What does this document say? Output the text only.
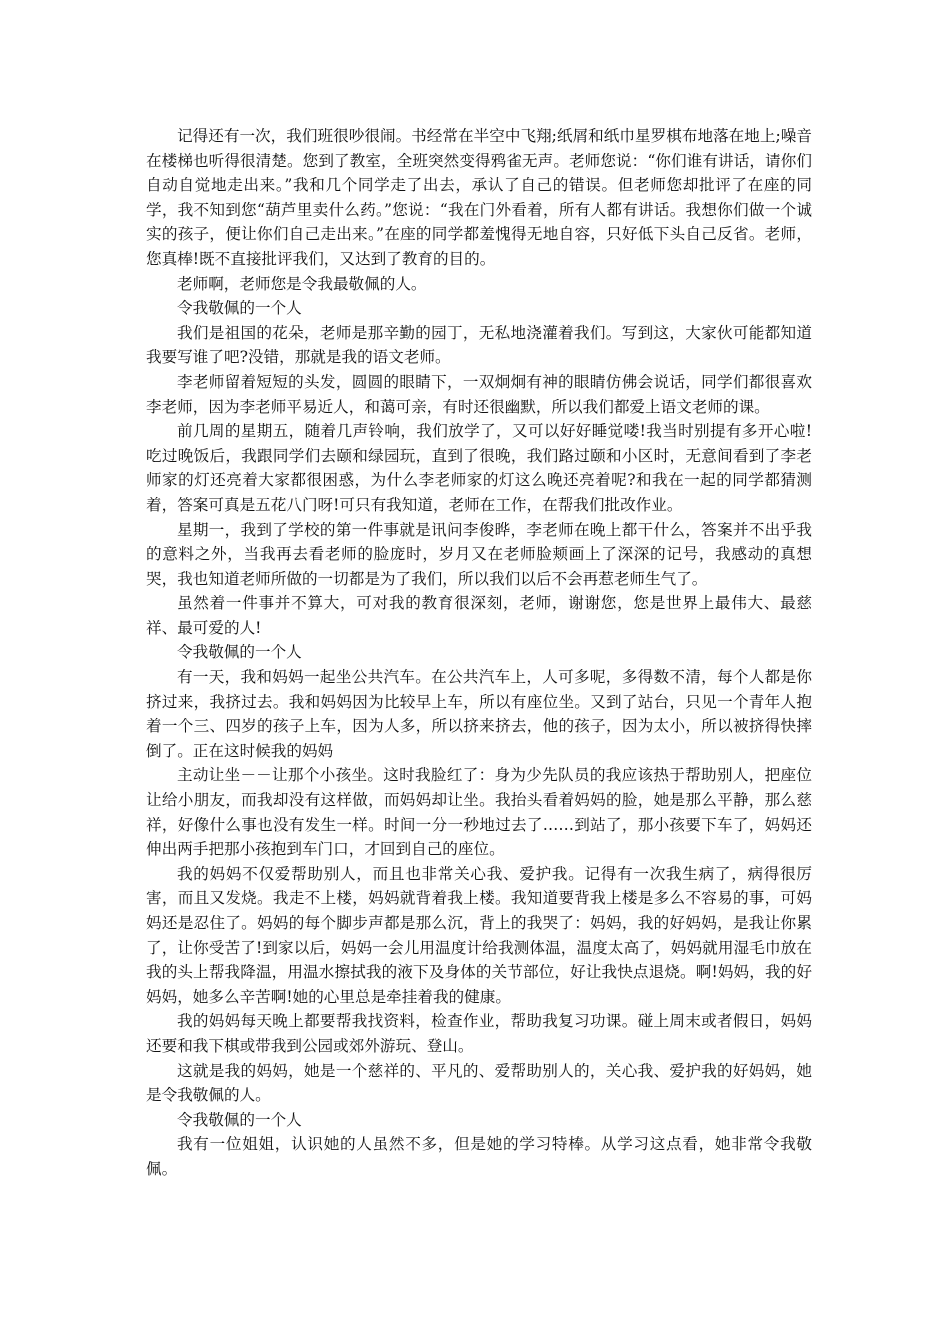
记得还有一次，我们班很吵很闹。书经常在半空中飞翔;纸屑和纸巾星罗棋布地落在地上;噪音在楼梯也听得很清楚。您到了教室，全班突然变得鸦雀无声。老师您说：“你们谁有讲话，请你们自动自觉地走出来。”我和几个同学走了出去，承认了自己的错误。但老师您却批评了在座的同学，我不知到您“葫芦里卖什么药。”您说：“我在门外看着，所有人都有讲话。我想你们做一个诚实的孩子，便让你们自己走出来。”在座的同学都羞愧得无地自容，只好低下头自己反省。老师，您真棒!既不直接批评我们，又达到了教育的目的。

老师啊，老师您是令我最敬佩的人。

令我敬佩的一个人

我们是祖国的花朵，老师是那辛勤的园丁，无私地浇灌着我们。写到这，大家伙可能都知道我要写谁了吧?没错，那就是我的语文老师。

李老师留着短短的头发，圆圆的眼睛下，一双炯炯有神的眼睛仿佛会说话，同学们都很喜欢李老师，因为李老师平易近人，和蔼可亲，有时还很幽默，所以我们都爱上语文老师的课。

前几周的星期五，随着几声铃响，我们放学了，又可以好好睡觉喽!我当时别提有多开心啦!吃过晚饭后，我跟同学们去颐和绿园玩，直到了很晚，我们路过颐和小区时，无意间看到了李老师家的灯还亮着大家都很困惑，为什么李老师家的灯这么晚还亮着呢?和我在一起的同学都猜测着，答案可真是五花八门呀!可只有我知道，老师在工作，在帮我们批改作业。

星期一，我到了学校的第一件事就是讯问李俊晔，李老师在晚上都干什么，答案并不出乎我的意料之外，当我再去看老师的脸庞时，岁月又在老师脸颊画上了深深的记号，我感动的真想哭，我也知道老师所做的一切都是为了我们，所以我们以后不会再惹老师生气了。

虽然着一件事并不算大，可对我的教育很深刻，老师，谢谢您，您是世界上最伟大、最慈祥、最可爱的人!

令我敬佩的一个人

有一天，我和妈妈一起坐公共汽车。在公共汽车上，人可多呢，多得数不清，每个人都是你挤过来，我挤过去。我和妈妈因为比较早上车，所以有座位坐。又到了站台，只见一个青年人抱着一个三、四岁的孩子上车，因为人多，所以挤来挤去，他的孩子，因为太小，所以被挤得快摔倒了。正在这时候我的妈妈

主动让坐－－让那个小孩坐。这时我脸红了：身为少先队员的我应该热于帮助别人，把座位让给小朋友，而我却没有这样做，而妈妈却让坐。我抬头看着妈妈的脸，她是那么平静，那么慈祥，好像什么事也没有发生一样。时间一分一秒地过去了……到站了，那小孩要下车了，妈妈还伸出两手把那小孩抱到车门口，才回到自己的座位。

我的妈妈不仅爱帮助别人，而且也非常关心我、爱护我。记得有一次我生病了，病得很厉害，而且又发烧。我走不上楼，妈妈就背着我上楼。我知道要背我上楼是多么不容易的事，可妈妈还是忍住了。妈妈的每个脚步声都是那么沉，背上的我哭了：妈妈，我的好妈妈，是我让你累了，让你受苦了!到家以后，妈妈一会儿用温度计给我测体温，温度太高了，妈妈就用湿毛巾放在我的头上帮我降温，用温水擦拭我的液下及身体的关节部位，好让我快点退烧。啊!妈妈，我的好妈妈，她多么辛苦啊!她的心里总是牵挂着我的健康。

我的妈妈每天晚上都要帮我找资料，检查作业，帮助我复习功课。碰上周末或者假日，妈妈还要和我下棋或带我到公园或郊外游玩、登山。

这就是我的妈妈，她是一个慈祥的、平凡的、爱帮助别人的，关心我、爱护我的好妈妈，她是令我敬佩的人。

令我敬佩的一个人

我有一位姐姐，认识她的人虽然不多，但是她的学习特棒。从学习这点看，她非常令我敬佩。
